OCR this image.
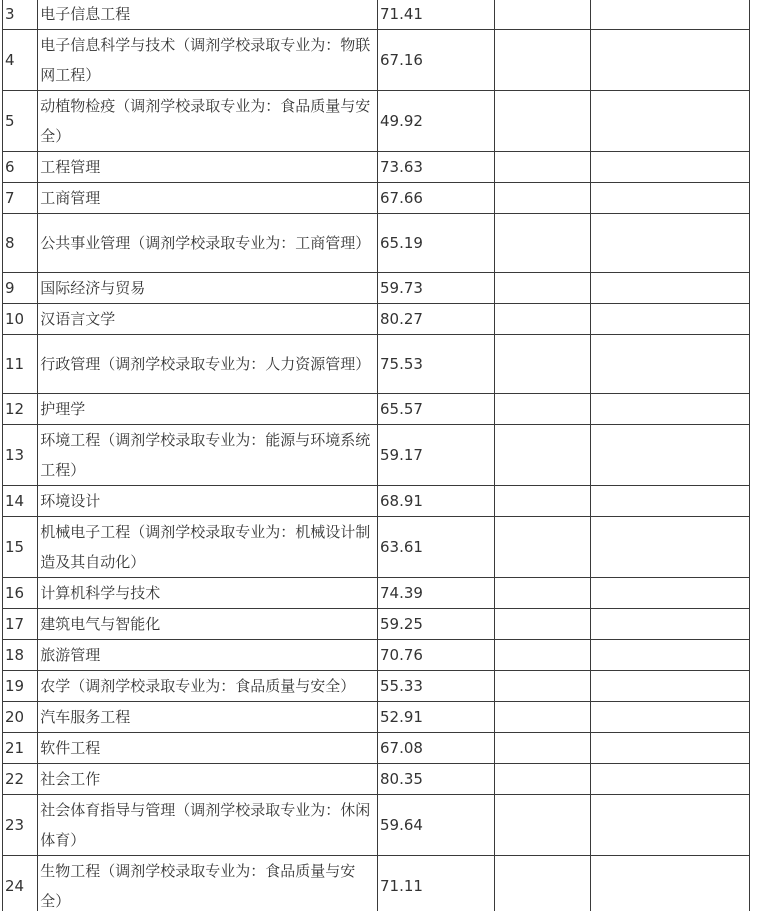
3	电子信息工程	71.41		
4	电子信息科学与技术（调剂学校录取专业为：物联网工程）	67.16		
5	动植物检疫（调剂学校录取专业为：食品质量与安全）	49.92		
6	工程管理	73.63		
7	工商管理	67.66		
8	公共事业管理（调剂学校录取专业为：工商管理）	65.19		
9	国际经济与贸易	59.73		
10	汉语言文学	80.27		
11	行政管理（调剂学校录取专业为：人力资源管理）	75.53		
12	护理学	65.57		
13	环境工程（调剂学校录取专业为：能源与环境系统工程）	59.17		
14	环境设计	68.91		
15	机械电子工程（调剂学校录取专业为：机械设计制造及其自动化）	63.61		
16	计算机科学与技术	74.39		
17	建筑电气与智能化	59.25		
18	旅游管理	70.76		
19	农学（调剂学校录取专业为：食品质量与安全）	55.33		
20	汽车服务工程	52.91		
21	软件工程	67.08		
22	社会工作	80.35		
23	社会体育指导与管理（调剂学校录取专业为：休闲体育）	59.64		
24	生物工程（调剂学校录取专业为：食品质量与安全）	71.11		
